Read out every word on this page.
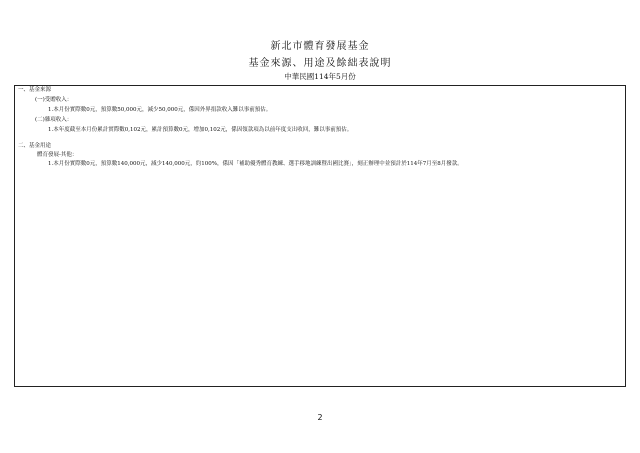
新北市體育發展基金
基金來源、用途及餘絀表說明
中華民國114年5月份
一、基金來源
(一)受贈收入：
1.本月份實際數0元，預算數50,000元，減少50,000元，係因外界捐款收入難以事前預估。
(二)雜項收入：
1.本年度截至本月份累計實際數0,102元，累計預算數0元，增加0,102元，係因領款項為以前年度支出收回，難以事前預估。
二、基金用途
體育發展-其他：
1.本月份實際數0元，預算數140,000元，減少140,000元，約100%，係因「補助優秀體育教練、選手移地訓練暨出國比賽」，刻正辦理中並預計於114年7月至8月撥款。
2
